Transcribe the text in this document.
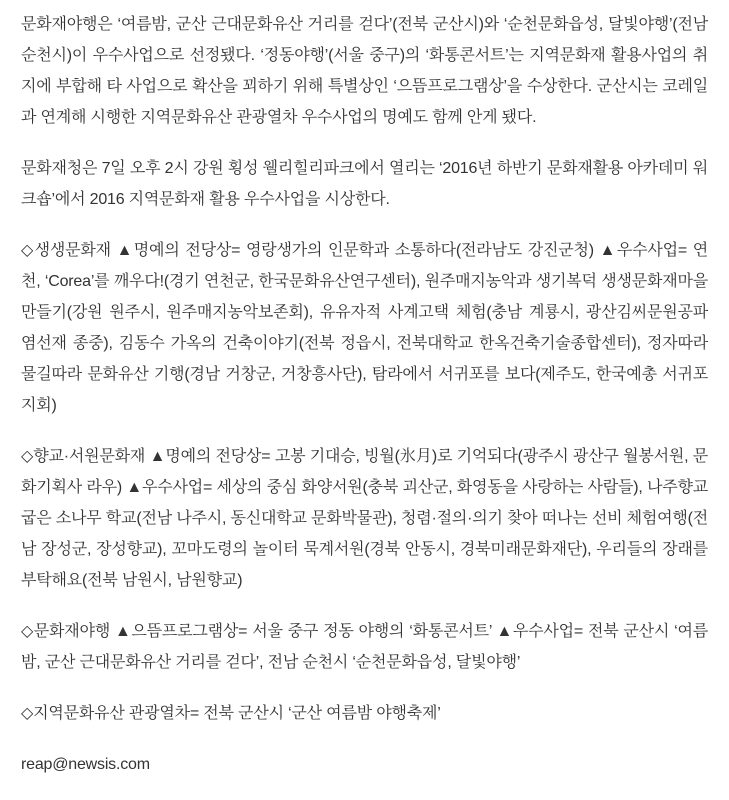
문화재야행은 ‘여름밤, 군산 근대문화유산 거리를 걷다’(전북 군산시)와 ‘순천문화읍성, 달빛야행’(전남 순천시)이 우수사업으로 선정됐다. ‘정동야행’(서울 중구)의 ‘화통콘서트’는 지역문화재 활용사업의 취지에 부합해 타 사업으로 확산을 꾀하기 위해 특별상인 ‘으뜸프로그램상’을 수상한다. 군산시는 코레일과 연계해 시행한 지역문화유산 관광열차 우수사업의 명예도 함께 안게 됐다.

문화재청은 7일 오후 2시 강원 횡성 웰리힐리파크에서 열리는 ‘2016년 하반기 문화재활용 아카데미 워크숍’에서 2016 지역문화재 활용 우수사업을 시상한다.

◇생생문화재 ▲명예의 전당상= 영랑생가의 인문학과 소통하다(전라남도 강진군청) ▲우수사업= 연천, ‘Corea’를 깨우다!(경기 연천군, 한국문화유산연구센터), 원주매지농악과 생기복덕 생생문화재마을 만들기(강원 원주시, 원주매지농악보존회), 유유자적 사계고택 체험(충남 계룡시, 광산김씨문원공파 염선재 종중), 김동수 가옥의 건축이야기(전북 정읍시, 전북대학교 한옥건축기술종합센터), 정자따라 물길따라 문화유산 기행(경남 거창군, 거창흥사단), 탐라에서 서귀포를 보다(제주도, 한국예총 서귀포지회)

◇향교·서원문화재 ▲명예의 전당상= 고봉 기대승, 빙월(氷月)로 기억되다(광주시 광산구 월봉서원, 문화기획사 라우) ▲우수사업= 세상의 중심 화양서원(충북 괴산군, 화영동을 사랑하는 사람들), 나주향교 굽은 소나무 학교(전남 나주시, 동신대학교 문화박물관), 청렴·절의·의기 찾아 떠나는 선비 체험여행(전남 장성군, 장성향교), 꼬마도령의 놀이터 묵계서원(경북 안동시, 경북미래문화재단), 우리들의 장래를 부탁해요(전북 남원시, 남원향교)

◇문화재야행 ▲으뜸프로그램상= 서울 중구 정동 야행의 ‘화통콘서트’ ▲우수사업= 전북 군산시 ‘여름밤, 군산 근대문화유산 거리를 걷다’, 전남 순천시 ‘순천문화읍성, 달빛야행’

◇지역문화유산 관광열차= 전북 군산시 ‘군산 여름밤 야행축제’

reap@newsis.com
